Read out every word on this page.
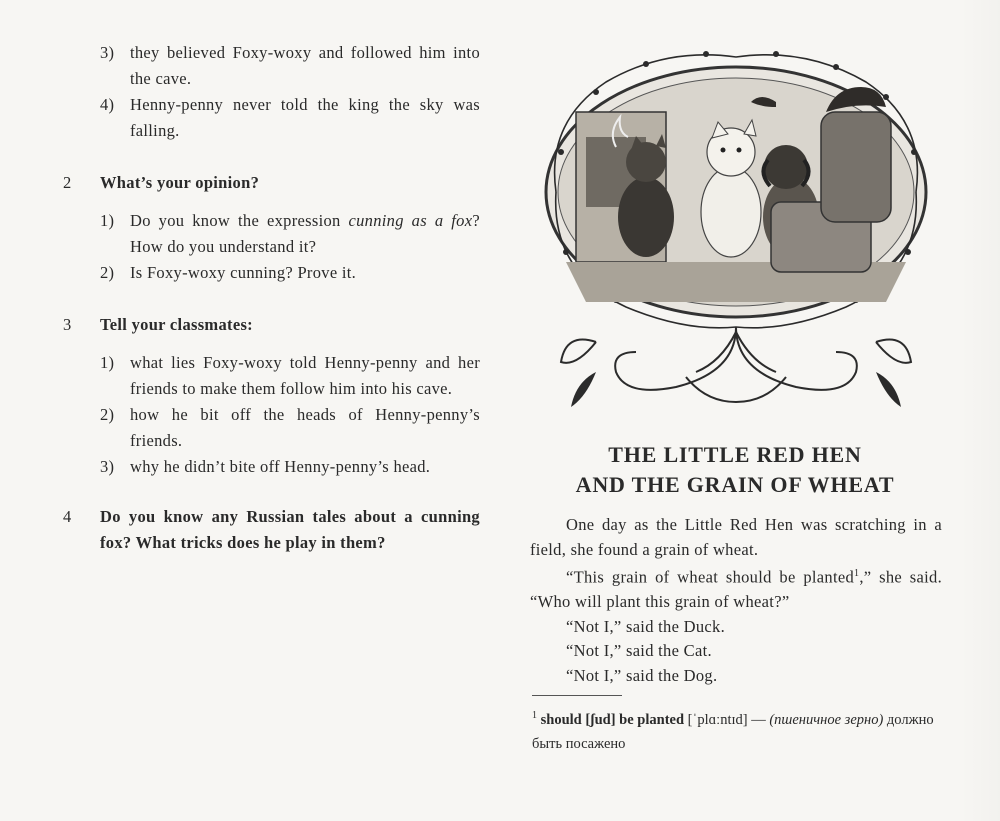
3) they believed Foxy-woxy and followed him into the cave.
4) Henny-penny never told the king the sky was falling.
2 What’s your opinion?
1) Do you know the expression cunning as a fox? How do you understand it?
2) Is Foxy-woxy cunning? Prove it.
3 Tell your classmates:
1) what lies Foxy-woxy told Henny-penny and her friends to make them follow him into his cave.
2) how he bit off the heads of Henny-penny’s friends.
3) why he didn’t bite off Henny-penny’s head.
4 Do you know any Russian tales about a cunning fox? What tricks does he play in them?
THE LITTLE RED HEN
AND THE GRAIN OF WHEAT

One day as the Little Red Hen was scratching in a field, she found a grain of wheat.

“This grain of wheat should be planted$^1$,” she said. “Who will plant this grain of wheat?”

“Not I,” said the Duck.

“Not I,” said the Cat.

“Not I,” said the Dog.

$^1$ should [ʃud] be planted [ˈplɑːntɪd] — (пшеничное зерно) должно быть посажено
